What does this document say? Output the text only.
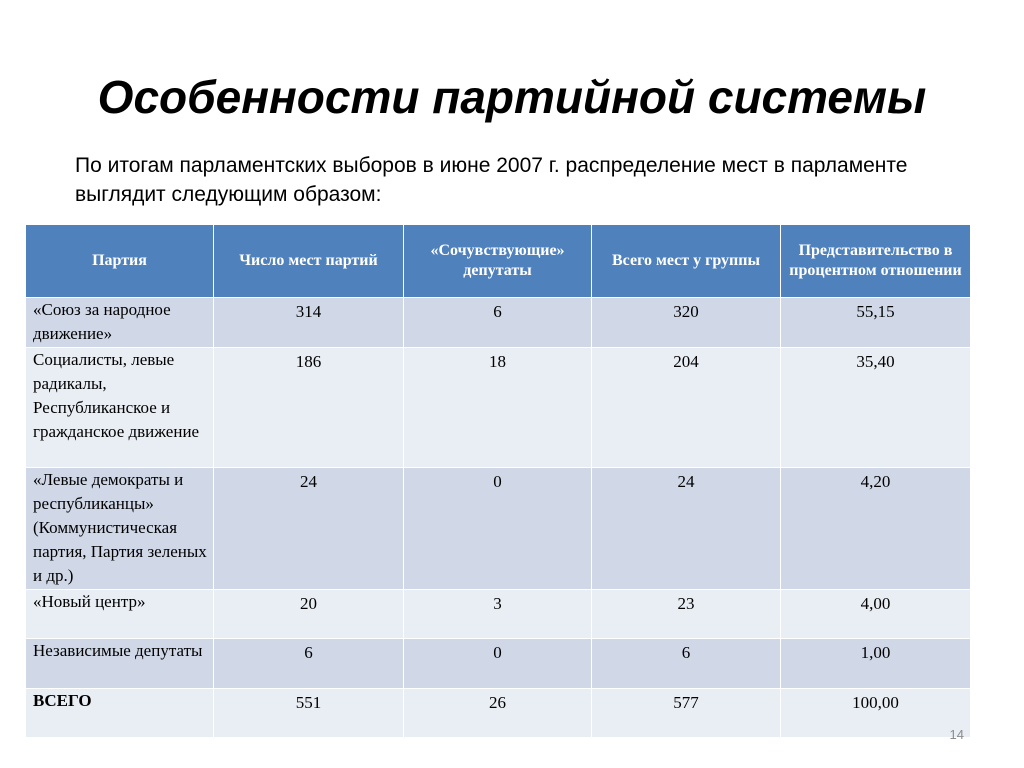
Особенности партийной системы
По итогам парламентских выборов в июне 2007 г. распределение мест в парламенте выглядит следующим образом:
Партия	Число мест партий	«Сочувствующие» депутаты	Всего мест у группы	Представительство в процентном отношении
«Союз за народное движение»	314	6	320	55,15
Социалисты, левые радикалы, Республиканское и гражданское движение	186	18	204	35,40
«Левые демократы и республиканцы» (Коммунистическая партия, Партия зеленых и др.)	24	0	24	4,20
«Новый центр»	20	3	23	4,00
Независимые депутаты	6	0	6	1,00
ВСЕГО	551	26	577	100,00
14
